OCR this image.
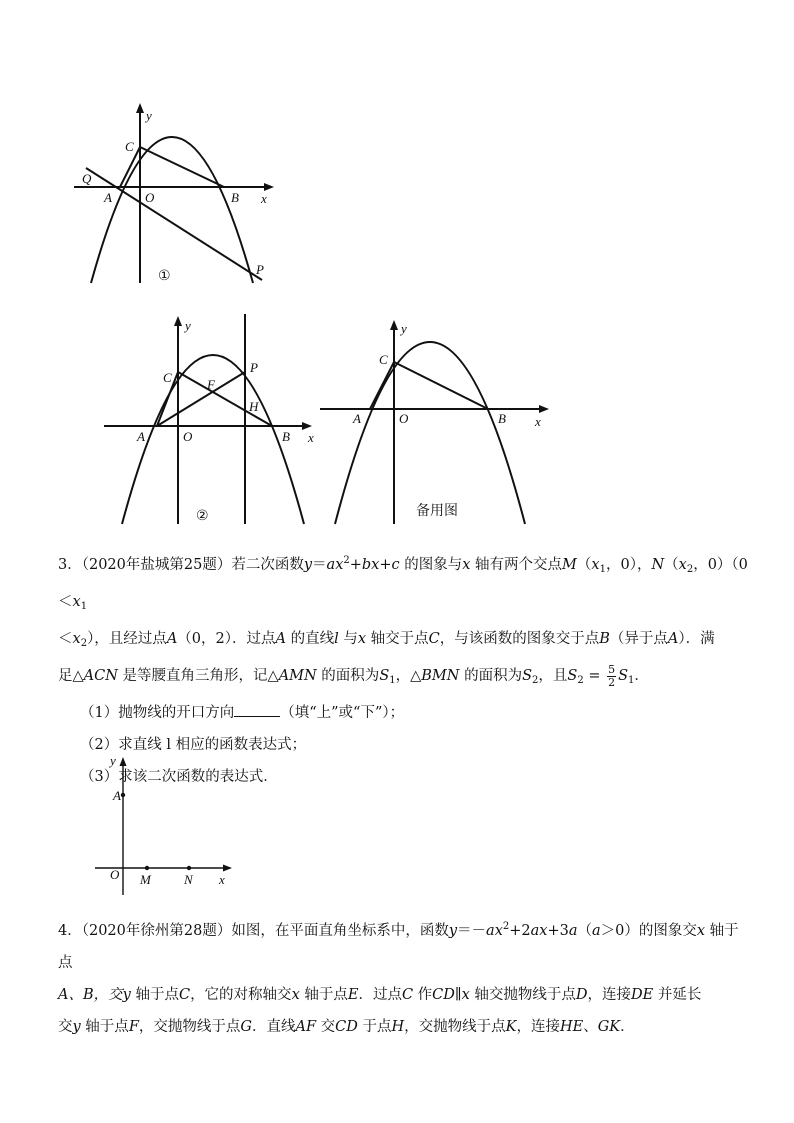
y
x
C
Q
A	O	B
P
①
y
x
C	F
P
H
A	O	B
②
y
x
C
A	O	B
备用图
y
A
O M	N x

3．（2020年盐城第25题）若二次函数$y=ax^2+bx+c$ 的图象与x 轴有两个交点$M(x_1$，0），$N(x_2$，$0)(0<x_1$

$<x_2$），且经过点A（0，2）．过点A 的直线l 与x 轴交于点C，与该函数的图象交于点B（异于点A）．满

足△ACN 是等腰直角三角形，记△AMN 的面积为$S_1$，△BMN 的面积为$S_2$，且$S_2 = \frac{5}{2} S_1$．

（1）抛物线的开口方向	（填“上”或“下”）；

（2）求直线 l 相应的函数表达式；

（3）求该二次函数的表达式．

4．（2020年徐州第28题）如图，在平面直角坐标系中，函数$y=-ax^2+2ax+3a(a>0)$的图象交x 轴于点

A、B，交y 轴于点C，它的对称轴交x 轴于点E．过点C 作CD∥x 轴交抛物线于点D，连接DE 并延长

交y 轴于点F，交抛物线于点G．直线AF 交CD 于点H，交抛物线于点K，连接HE、GK．
